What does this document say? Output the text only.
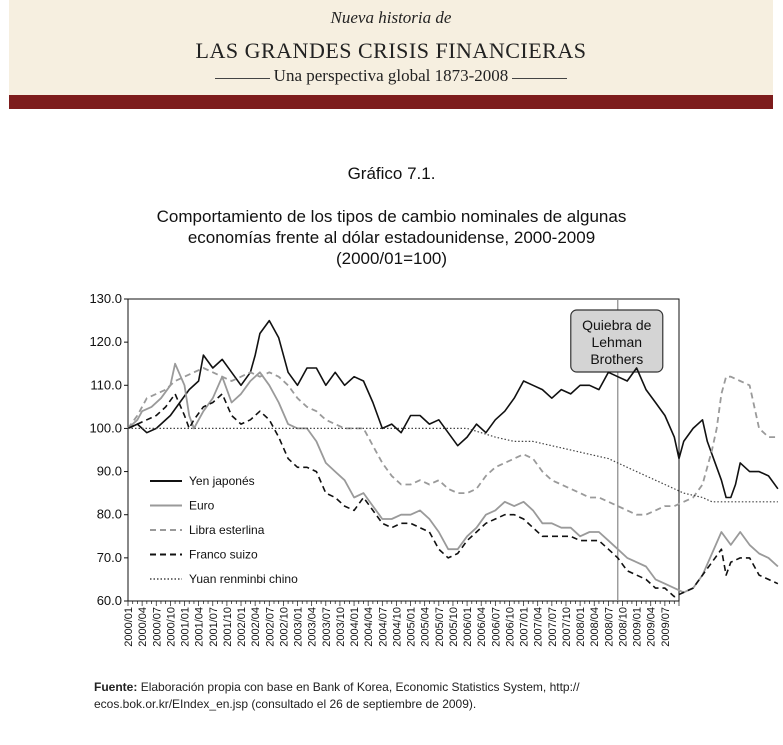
Nueva historia de
LAS GRANDES CRISIS FINANCIERAS
Una perspectiva global 1873-2008
Gráfico 7.1.
Comportamiento de los tipos de cambio nominales de algunas
economías frente al dólar estadounidense, 2000-2009
(2000/01=100)
130.0
120.0
110.0
100.0
90.0
80.0
70.0
60.0
2000/01 2000/04 2000/07 2000/10 2001/01 2001/04 2001/07 2001/10 2002/01 2002/04 2002/07 2002/10 2003/01 2003/04 2003/07 2003/10 2004/01 2004/04 2004/07 2004/10 2005/01 2005/04 2005/07 2005/10 2006/01 2006/04 2006/07 2006/10 2007/01 2007/04 2007/07 2007/10 2008/01 2008/04 2008/07 2008/10 2009/01 2009/04 2009/07
Quiebra de
Lehman
Brothers
Yen japonés
Euro
Libra esterlina
Franco suizo
Yuan renminbi chino
Fuente: Elaboración propia con base en Bank of Korea, Economic Statistics System, http://
ecos.bok.or.kr/EIndex_en.jsp (consultado el 26 de septiembre de 2009).
